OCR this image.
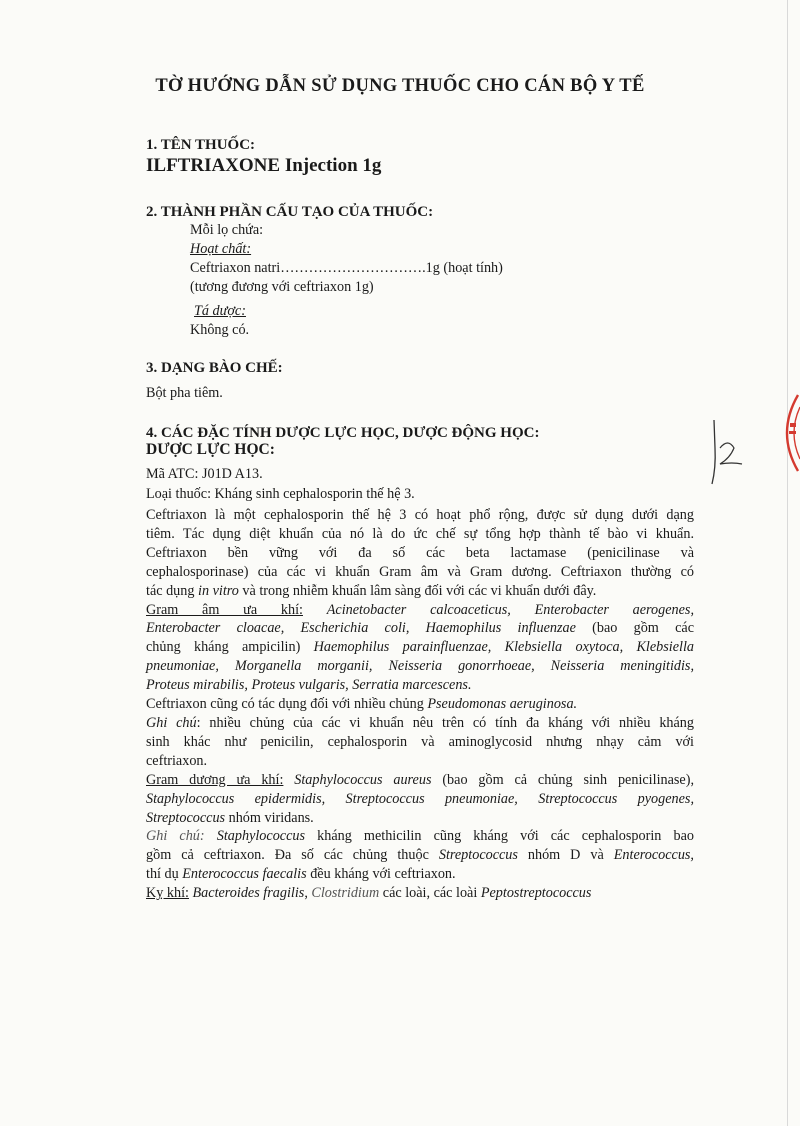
TỜ HƯỚNG DẪN SỬ DỤNG THUỐC CHO CÁN BỘ Y TẾ
1. TÊN THUỐC:
ILFTRIAXONE Injection 1g
2. THÀNH PHẦN CẤU TẠO CỦA THUỐC:
Mỗi lọ chứa:
Hoạt chất:
Ceftriaxon natri………………………….1g (hoạt tính)
(tương đương với ceftriaxon 1g)
Tá dược:
Không có.
3. DẠNG BÀO CHẾ:
Bột pha tiêm.
4. CÁC ĐẶC TÍNH DƯỢC LỰC HỌC, DƯỢC ĐỘNG HỌC:
DƯỢC LỰC HỌC:
Mã ATC: J01D A13.
Loại thuốc: Kháng sinh cephalosporin thế hệ 3.
Ceftriaxon là một cephalosporin thế hệ 3 có hoạt phổ rộng, được sử dụng dưới dạng
tiêm. Tác dụng diệt khuẩn của nó là do ức chế sự tổng hợp thành tế bào vi khuẩn.
Ceftriaxon bền vững với đa số các beta lactamase (penicilinase và
cephalosporinase) của các vi khuẩn Gram âm và Gram dương. Ceftriaxon thường có
tác dụng in vitro và trong nhiễm khuẩn lâm sàng đối với các vi khuẩn dưới đây.
Gram âm ưa khí: Acinetobacter calcoaceticus, Enterobacter aerogenes,
Enterobacter cloacae, Escherichia coli, Haemophilus influenzae (bao gồm các
chủng kháng ampicilin) Haemophilus parainfluenzae, Klebsiella oxytoca, Klebsiella
pneumoniae, Morganella morganii, Neisseria gonorrhoeae, Neisseria meningitidis,
Proteus mirabilis, Proteus vulgaris, Serratia marcescens.
Ceftriaxon cũng có tác dụng đối với nhiều chủng Pseudomonas aeruginosa.
Ghi chú: nhiều chủng của các vi khuẩn nêu trên có tính đa kháng với nhiều kháng
sinh khác như penicilin, cephalosporin và aminoglycosid nhưng nhạy cảm với
ceftriaxon.
Gram dương ưa khí: Staphylococcus aureus (bao gồm cả chủng sinh penicilinase),
Staphylococcus epidermidis, Streptococcus pneumoniae, Streptococcus pyogenes,
Streptococcus nhóm viridans.
Ghi chú: Staphylococcus kháng methicilin cũng kháng với các cephalosporin bao
gồm cả ceftriaxon. Đa số các chủng thuộc Streptococcus nhóm D và Enterococcus,
thí dụ Enterococcus faecalis đều kháng với ceftriaxon.
Kỵ khí: Bacteroides fragilis, Clostridium các loài, các loài Peptostreptococcus
